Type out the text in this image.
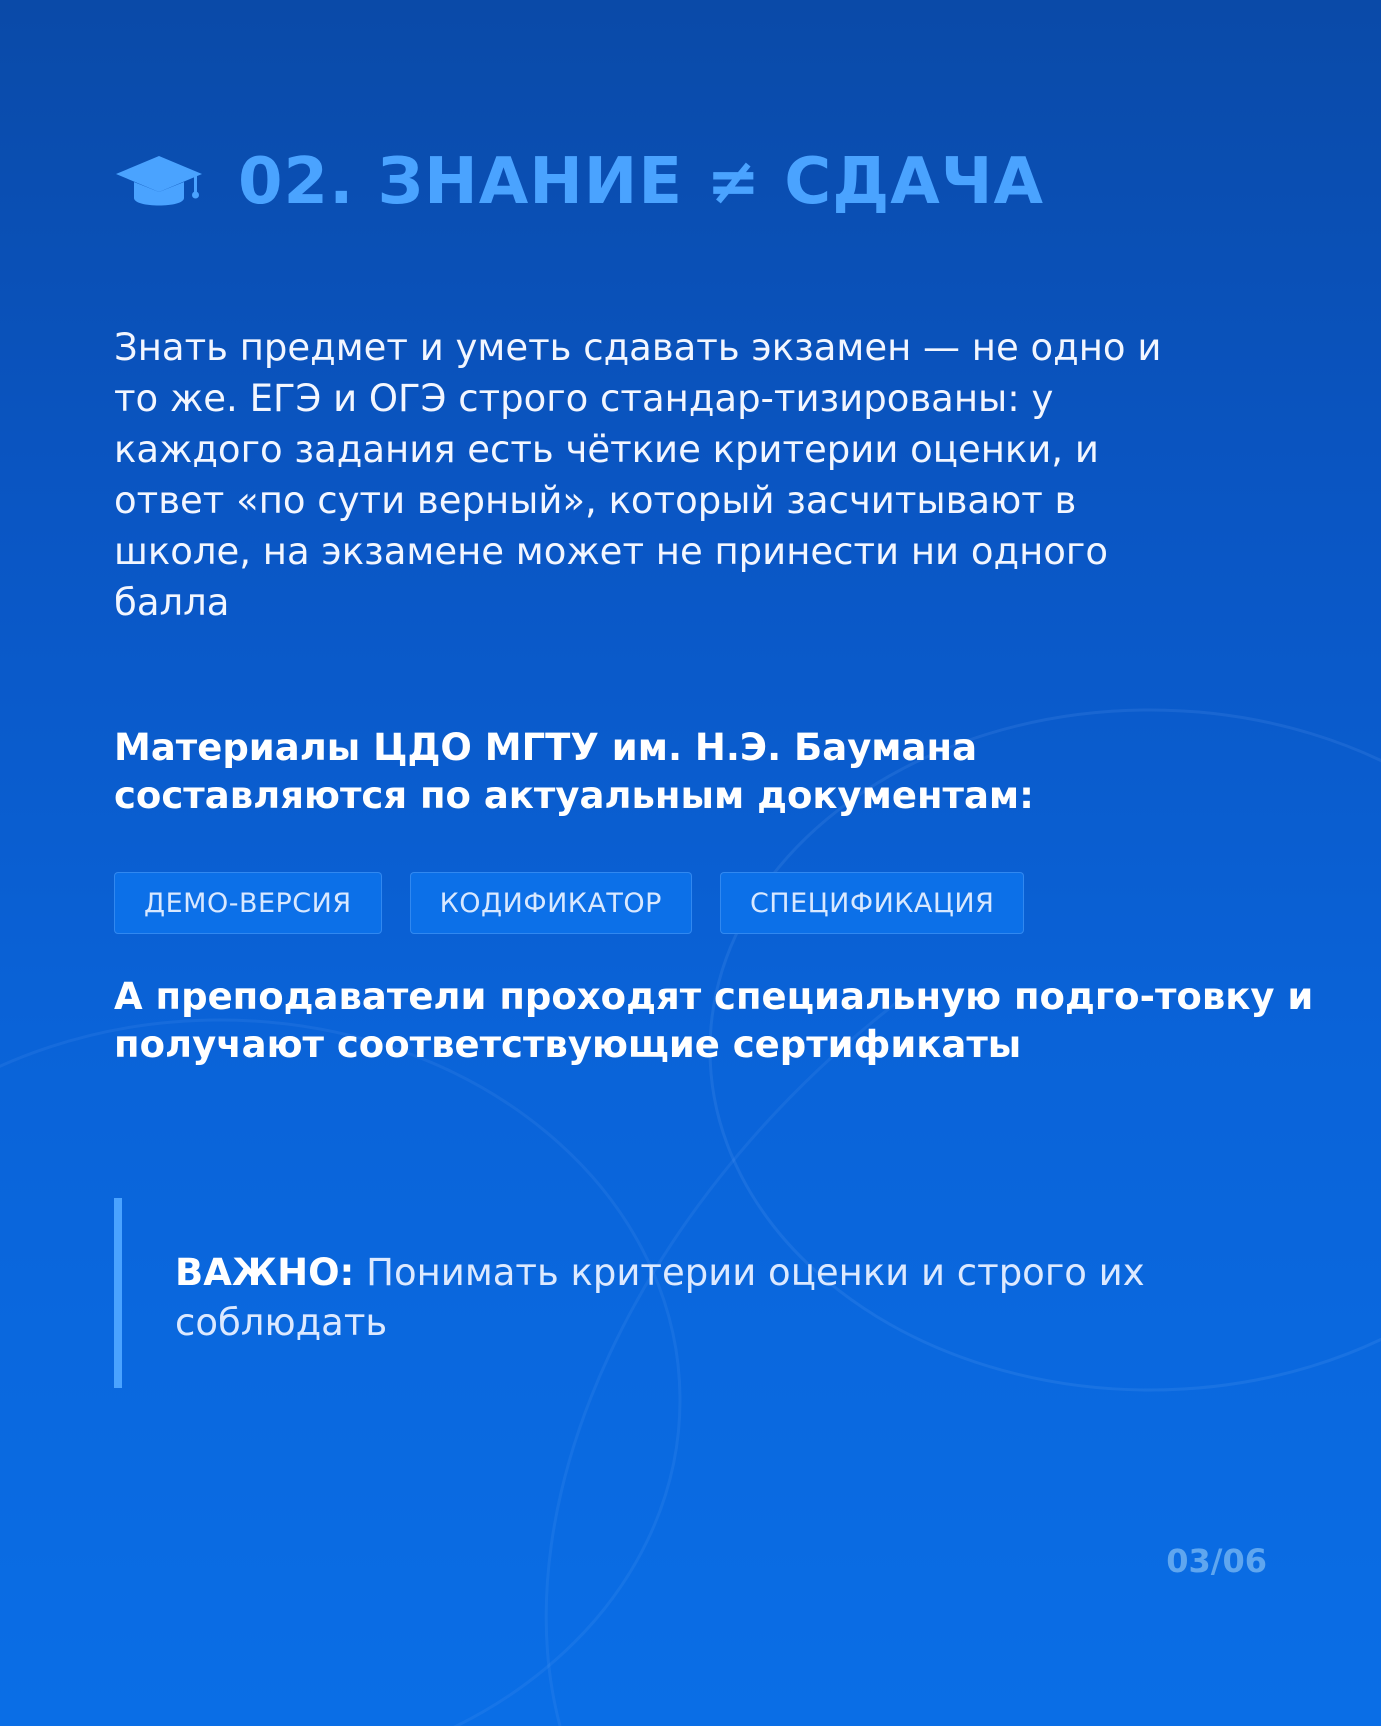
02. ЗНАНИЕ ≠ СДАЧА
Знать предмет и уметь сдавать экзамен — не одно и то же. ЕГЭ и ОГЭ строго стандар-тизированы: у каждого задания есть чёткие критерии оценки, и ответ «по сути верный», который засчитывают в школе, на экзамене может не принести ни одного балла
Материалы ЦДО МГТУ им. Н.Э. Баумана составляются по актуальным документам:
ДЕМО-ВЕРСИЯ	КОДИФИКАТОР	СПЕЦИФИКАЦИЯ
А преподаватели проходят специальную подго-товку и получают соответствующие сертификаты
ВАЖНО: Понимать критерии оценки и строго их соблюдать
03/06
